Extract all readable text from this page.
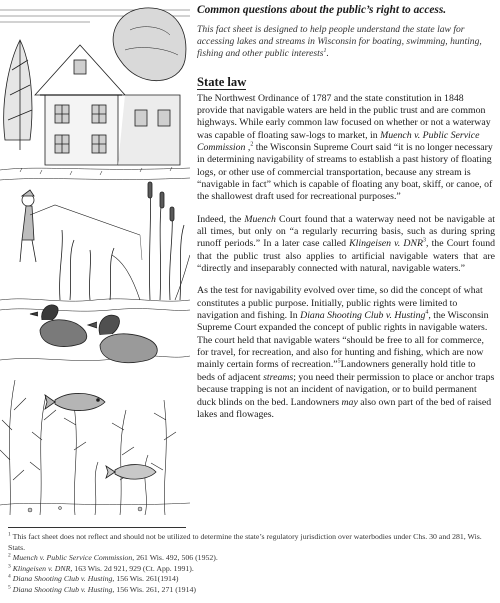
Common questions about the public’s right to access.

This fact sheet is designed to help people understand the state law for accessing lakes and streams in Wisconsin for boating, swimming, hunting, fishing and other public interests$^1$.

State law

The Northwest Ordinance of 1787 and the state constitution in 1848 provide that navigable waters are held in the public trust and are common highways. While early common law focused on whether or not a waterway was capable of floating saw-logs to market, in Muench v. Public Service Commission ,$^2$ the Wisconsin Supreme Court said “it is no longer necessary in determining navigability of streams to establish a past history of floating logs, or other use of commercial transportation, because any stream is “navigable in fact” which is capable of floating any boat, skiff, or canoe, of the shallowest draft used for recreational purposes.”

Indeed, the Muench Court found that a waterway need not be navigable at all times, but only on “a regularly recurring basis, such as during spring runoff periods.” In a later case called Klingeisen v. DNR$^3$, the Court found that the public trust also applies to artificial navigable waters that are “directly and inseparably connected with natural, navigable waters.”

As the test for navigability evolved over time, so did the concept of what constitutes a public purpose. Initially, public rights were limited to navigation and fishing. In Diana Shooting Club v. Husting$^4$, the Wisconsin Supreme Court expanded the concept of public rights in navigable waters. The court held that navigable waters “should be free to all for commerce, for travel, for recreation, and also for hunting and fishing, which are now mainly certain forms of recreation.”$^5$Landowners generally hold title to beds of adjacent streams; you need their permission to place or anchor traps because trapping is not an incident of navigation, or to build permanent duck blinds on the bed. Landowners may also own part of the bed of raised lakes and flowages.

$^1$ This fact sheet does not reflect and should not be utilized to determine the state’s regulatory jurisdiction over waterbodies under Chs. 30 and 281, Wis. Stats.

$^2$ Muench v. Public Service Commission, 261 Wis. 492, 506 (1952).

$^3$ Klingeisen v. DNR, 163 Wis. 2d 921, 929 (Ct. App. 1991).

$^4$ Diana Shooting Club v. Husting, 156 Wis. 261(1914)

$^5$ Diana Shooting Club v. Husting, 156 Wis. 261, 271 (1914)
